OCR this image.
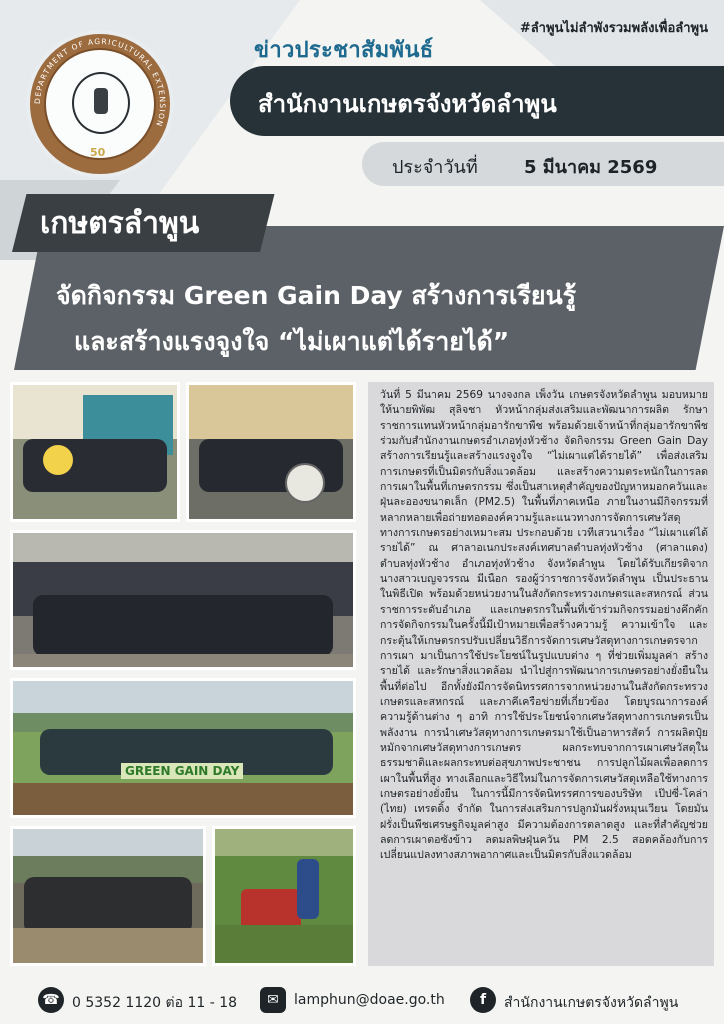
DEPARTMENT OF AGRICULTURAL EXTENSION
50
#ลำพูนไม่ลำพังรวมพลังเพื่อลำพูน
ข่าวประชาสัมพันธ์
สำนักงานเกษตรจังหวัดลำพูน
ประจำวันที่	5 มีนาคม 2569
เกษตรลำพูน
จัดกิจกรรม Green Gain Day สร้างการเรียนรู้
และสร้างแรงจูงใจ “ไม่เผาแต่ได้รายได้”
GREEN GAIN DAY
วันที่ 5 มีนาคม 2569 นางจงกล เพ็งวัน เกษตรจังหวัดลำพูน มอบหมายให้นายพิพัฒ สุลิจชา หัวหน้ากลุ่มส่งเสริมและพัฒนาการผลิต รักษาราชการแทนหัวหน้ากลุ่มอารักขาพืช พร้อมด้วยเจ้าหน้าที่กลุ่มอารักขาพืช ร่วมกับสำนักงานเกษตรอำเภอทุ่งหัวช้าง จัดกิจกรรม Green Gain Day สร้างการเรียนรู้และสร้างแรงจูงใจ “ไม่เผาแต่ได้รายได้” เพื่อส่งเสริมการเกษตรที่เป็นมิตรกับสิ่งแวดล้อม และสร้างความตระหนักในการลดการเผาในพื้นที่เกษตรกรรม ซึ่งเป็นสาเหตุสำคัญของปัญหาหมอกควันและฝุ่นละอองขนาดเล็ก (PM2.5) ในพื้นที่ภาคเหนือ ภายในงานมีกิจกรรมที่หลากหลายเพื่อถ่ายทอดองค์ความรู้และแนวทางการจัดการเศษวัสดุทางการเกษตรอย่างเหมาะสม ประกอบด้วย เวทีเสวนาเรื่อง “ไม่เผาแต่ได้รายได้” ณ ศาลาอเนกประสงค์เทศบาลตำบลทุ่งหัวช้าง (ศาลาแดง) ตำบลทุ่งหัวช้าง อำเภอทุ่งหัวช้าง จังหวัดลำพูน โดยได้รับเกียรติจาก นางสาวเบญจวรรณ มีเนือก รองผู้ว่าราชการจังหวัดลำพูน เป็นประธานในพิธีเปิด พร้อมด้วยหน่วยงานในสังกัดกระทรวงเกษตรและสหกรณ์ ส่วนราชการระดับอำเภอ และเกษตรกรในพื้นที่เข้าร่วมกิจกรรมอย่างคึกคัก การจัดกิจกรรมในครั้งนี้มีเป้าหมายเพื่อสร้างความรู้ ความเข้าใจ และกระตุ้นให้เกษตรกรปรับเปลี่ยนวิธีการจัดการเศษวัสดุทางการเกษตรจากการเผา มาเป็นการใช้ประโยชน์ในรูปแบบต่าง ๆ ที่ช่วยเพิ่มมูลค่า สร้างรายได้ และรักษาสิ่งแวดล้อม นำไปสู่การพัฒนาการเกษตรอย่างยั่งยืนในพื้นที่ต่อไป อีกทั้งยังมีการจัดนิทรรศการจากหน่วยงานในสังกัดกระทรวงเกษตรและสหกรณ์ และภาคีเครือข่ายที่เกี่ยวข้อง โดยบูรณาการองค์ความรู้ด้านต่าง ๆ อาทิ การใช้ประโยชน์จากเศษวัสดุทางการเกษตรเป็นพลังงาน การนำเศษวัสดุทางการเกษตรมาใช้เป็นอาหารสัตว์ การผลิตปุ๋ยหมักจากเศษวัสดุทางการเกษตร ผลกระทบจากการเผาเศษวัสดุในธรรมชาติและผลกระทบต่อสุขภาพประชาชน การปลูกไม้ผลเพื่อลดการเผาในพื้นที่สูง ทางเลือกและวิธีใหม่ในการจัดการเศษวัสดุเหลือใช้ทางการเกษตรอย่างยั่งยืน ในการนี้มีการจัดนิทรรศการของบริษัท เป๊ปซี่-โคล่า (ไทย) เทรดดิ้ง จำกัด ในการส่งเสริมการปลูกมันฝรั่งหมุนเวียน โดยมันฝรั่งเป็นพืชเศรษฐกิจมูลค่าสูง มีความต้องการตลาดสูง และที่สำคัญช่วยลดการเผาตอซังข้าว ลดมลพิษฝุ่นควัน PM 2.5 สอดคล้องกับการเปลี่ยนแปลงทางสภาพอากาศและเป็นมิตรกับสิ่งแวดล้อม
☎ 0 5352 1120 ต่อ 11 - 18	✉	lamphun@doae.go.th	f	สำนักงานเกษตรจังหวัดลำพูน
